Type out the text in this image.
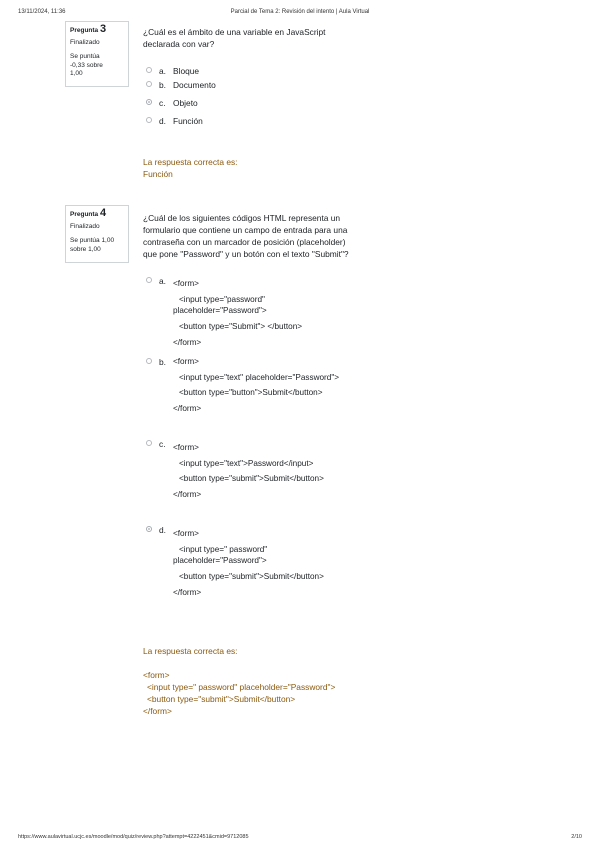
13/11/2024, 11:36	Parcial de Tema 2: Revisión del intento | Aula Virtual
Pregunta 3
Finalizado
Se puntúa
-0,33 sobre
1,00
¿Cuál es el ámbito de una variable en JavaScript
declarada con var?
a. Bloque
b. Documento
c. Objeto
d. Función
La respuesta correcta es:
Función
Pregunta 4
Finalizado
Se puntúa 1,00
sobre 1,00
¿Cuál de los siguientes códigos HTML representa un
formulario que contiene un campo de entrada para una
contraseña con un marcador de posición (placeholder)
que pone "Password" y un botón con el texto "Submit"?
a. <form>
<input type="password"
placeholder="Password">
<button type="Submit"> </button>
</form>
b. <form>
<input type="text" placeholder="Password">
<button type="button">Submit</button>
</form>
c. <form>
<input type="text">Password</input>
<button type="submit">Submit</button>
</form>
d. <form>
<input type=" password"
placeholder="Password">
<button type="submit">Submit</button>
</form>
La respuesta correcta es:
<form>
<input type=" password" placeholder="Password">
<button type="submit">Submit</button>
</form>
https://www.aulavirtual.ucjc.es/moodle/mod/quiz/review.php?attempt=4222451&cmid=9712085	2/10
